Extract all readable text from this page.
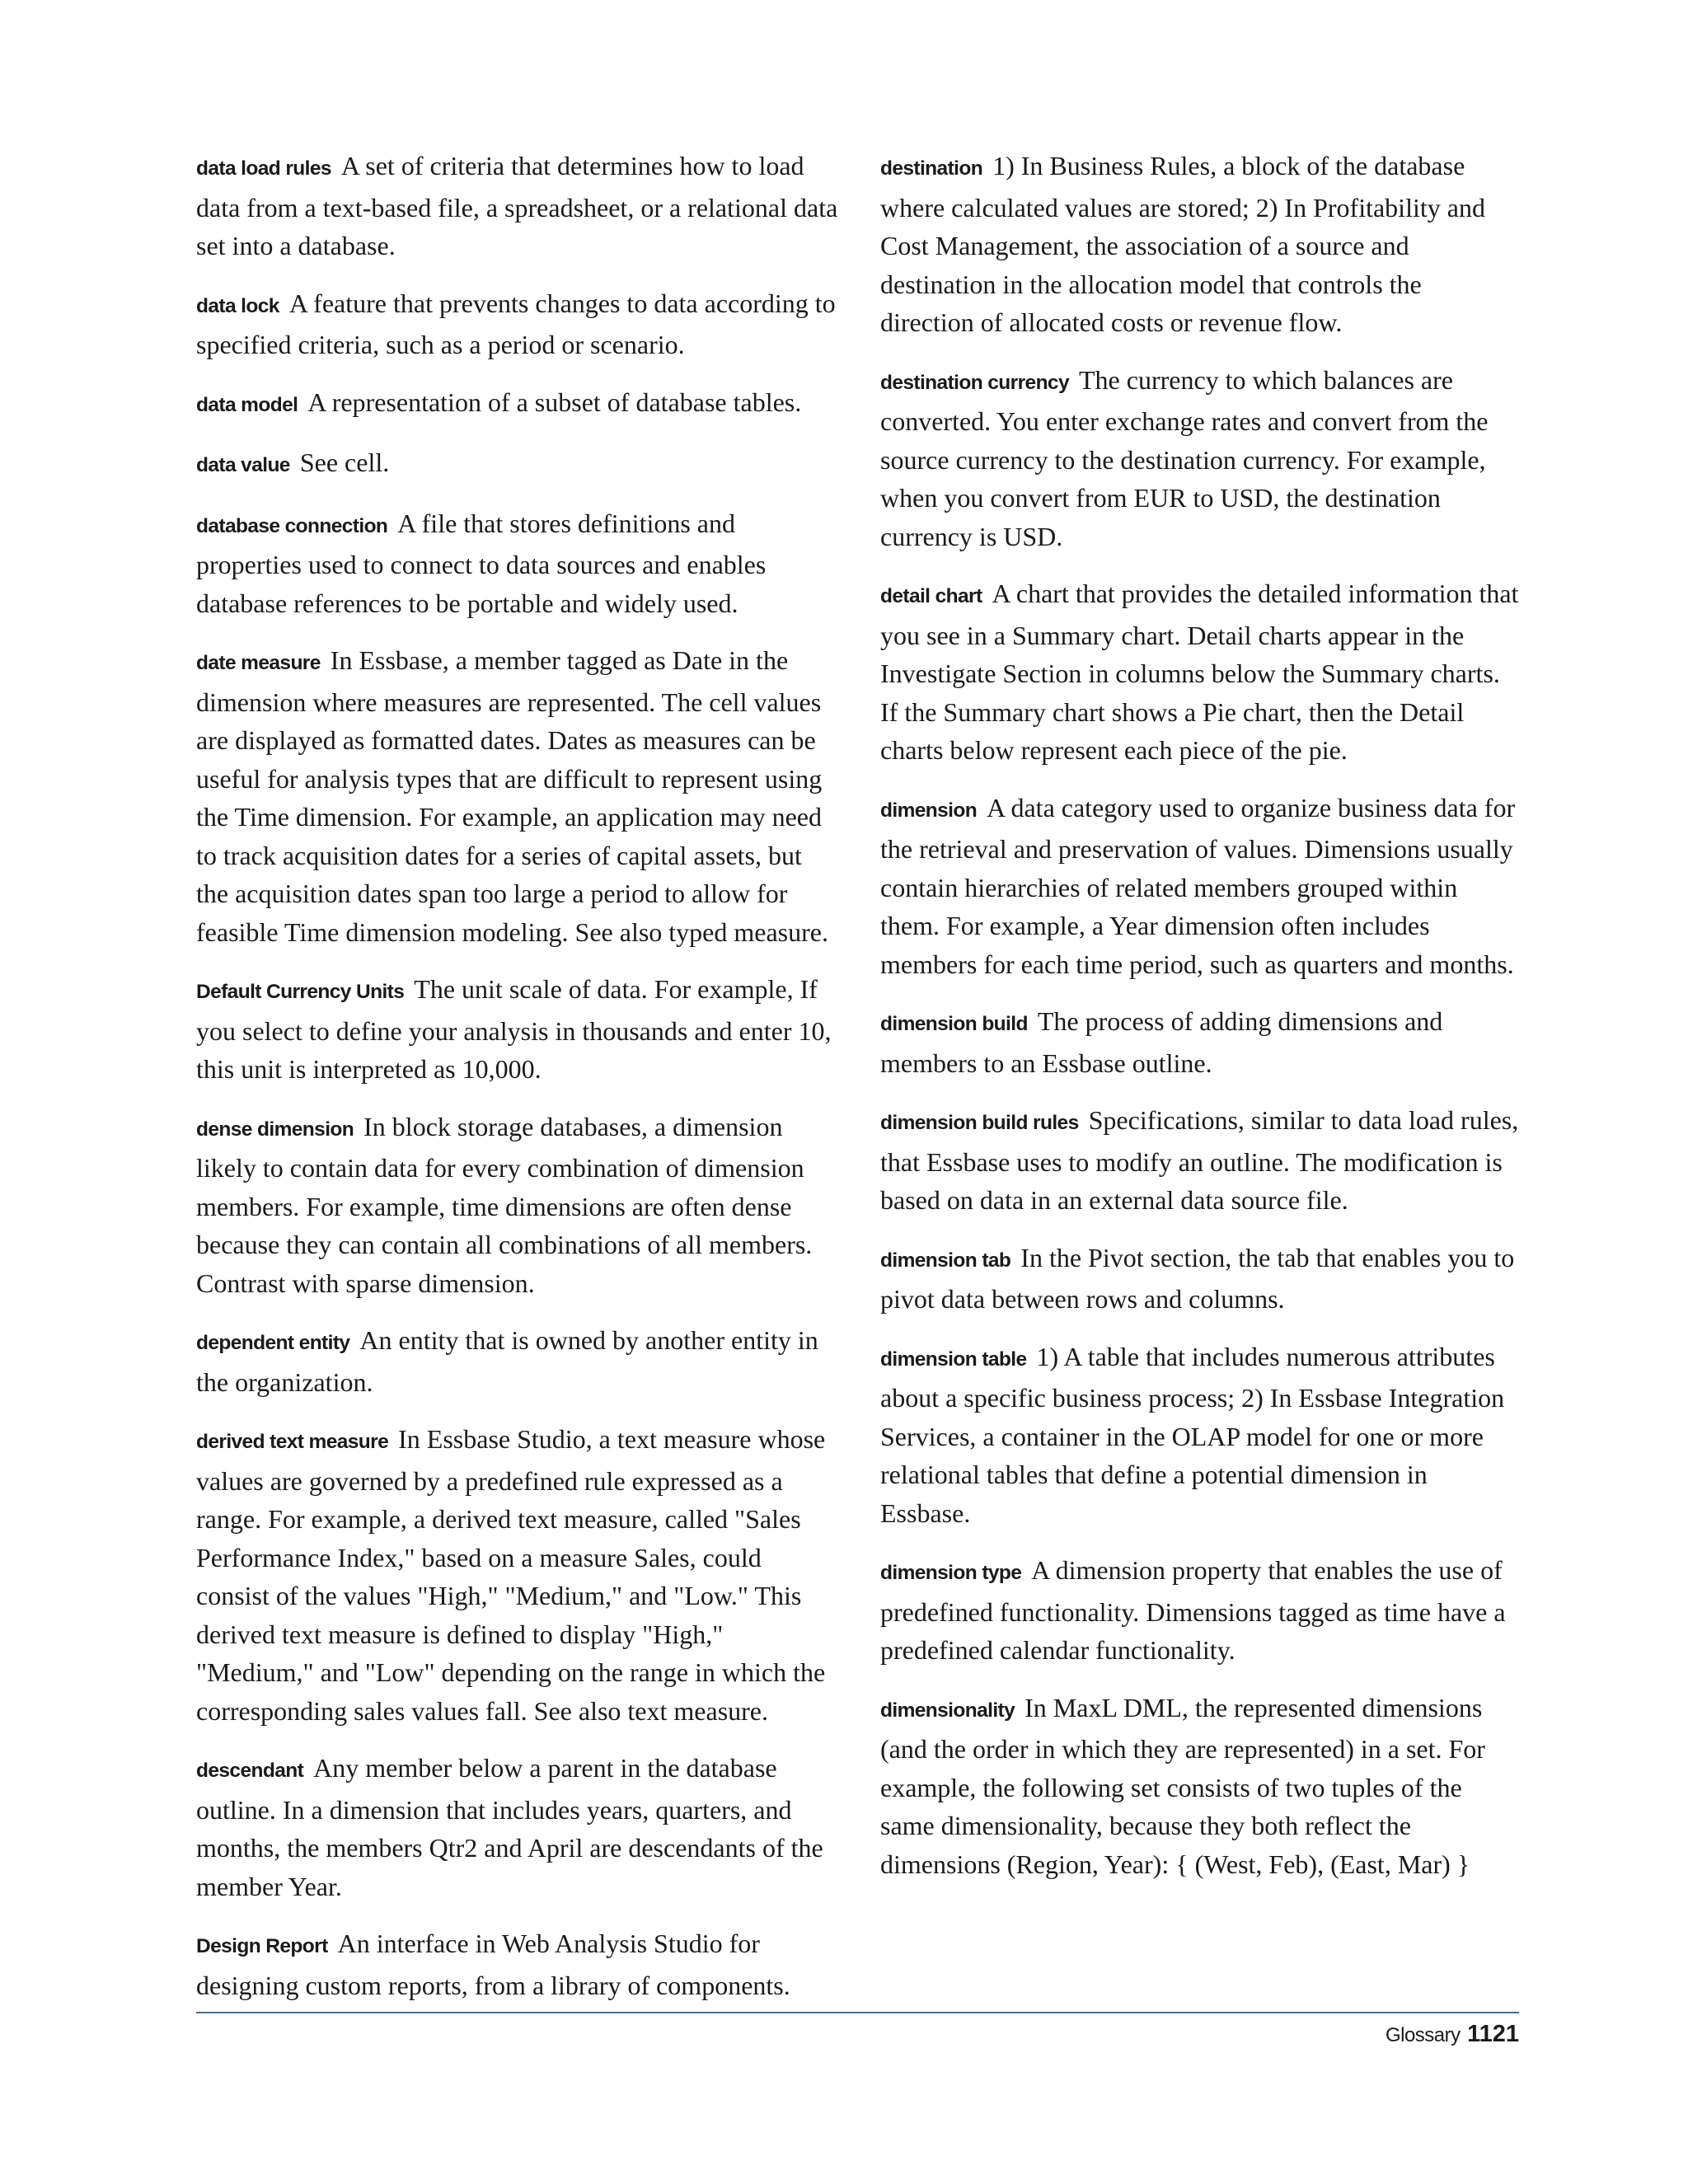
data load rules A set of criteria that determines how to load data from a text-based file, a spreadsheet, or a relational data set into a database.

data lock A feature that prevents changes to data according to specified criteria, such as a period or scenario.

data model A representation of a subset of database tables.

data value See cell.

database connection A file that stores definitions and properties used to connect to data sources and enables database references to be portable and widely used.

date measure In Essbase, a member tagged as Date in the dimension where measures are represented. The cell values are displayed as formatted dates. Dates as measures can be useful for analysis types that are difficult to represent using the Time dimension. For example, an application may need to track acquisition dates for a series of capital assets, but the acquisition dates span too large a period to allow for feasible Time dimension modeling. See also typed measure.

Default Currency Units The unit scale of data. For example, If you select to define your analysis in thousands and enter 10, this unit is interpreted as 10,000.

dense dimension In block storage databases, a dimension likely to contain data for every combination of dimension members. For example, time dimensions are often dense because they can contain all combinations of all members. Contrast with sparse dimension.

dependent entity An entity that is owned by another entity in the organization.

derived text measure In Essbase Studio, a text measure whose values are governed by a predefined rule expressed as a range. For example, a derived text measure, called "Sales Performance Index," based on a measure Sales, could consist of the values "High," "Medium," and "Low." This derived text measure is defined to display "High," "Medium," and "Low" depending on the range in which the corresponding sales values fall. See also text measure.

descendant Any member below a parent in the database outline. In a dimension that includes years, quarters, and months, the members Qtr2 and April are descendants of the member Year.

Design Report An interface in Web Analysis Studio for designing custom reports, from a library of components.

destination 1) In Business Rules, a block of the database where calculated values are stored; 2) In Profitability and Cost Management, the association of a source and destination in the allocation model that controls the direction of allocated costs or revenue flow.

destination currency The currency to which balances are converted. You enter exchange rates and convert from the source currency to the destination currency. For example, when you convert from EUR to USD, the destination currency is USD.

detail chart A chart that provides the detailed information that you see in a Summary chart. Detail charts appear in the Investigate Section in columns below the Summary charts. If the Summary chart shows a Pie chart, then the Detail charts below represent each piece of the pie.

dimension A data category used to organize business data for the retrieval and preservation of values. Dimensions usually contain hierarchies of related members grouped within them. For example, a Year dimension often includes members for each time period, such as quarters and months.

dimension build The process of adding dimensions and members to an Essbase outline.

dimension build rules Specifications, similar to data load rules, that Essbase uses to modify an outline. The modification is based on data in an external data source file.

dimension tab In the Pivot section, the tab that enables you to pivot data between rows and columns.

dimension table 1) A table that includes numerous attributes about a specific business process; 2) In Essbase Integration Services, a container in the OLAP model for one or more relational tables that define a potential dimension in Essbase.

dimension type A dimension property that enables the use of predefined functionality. Dimensions tagged as time have a predefined calendar functionality.

dimensionality In MaxL DML, the represented dimensions (and the order in which they are represented) in a set. For example, the following set consists of two tuples of the same dimensionality, because they both reflect the dimensions (Region, Year): { (West, Feb), (East, Mar) }

Glossary 1121
